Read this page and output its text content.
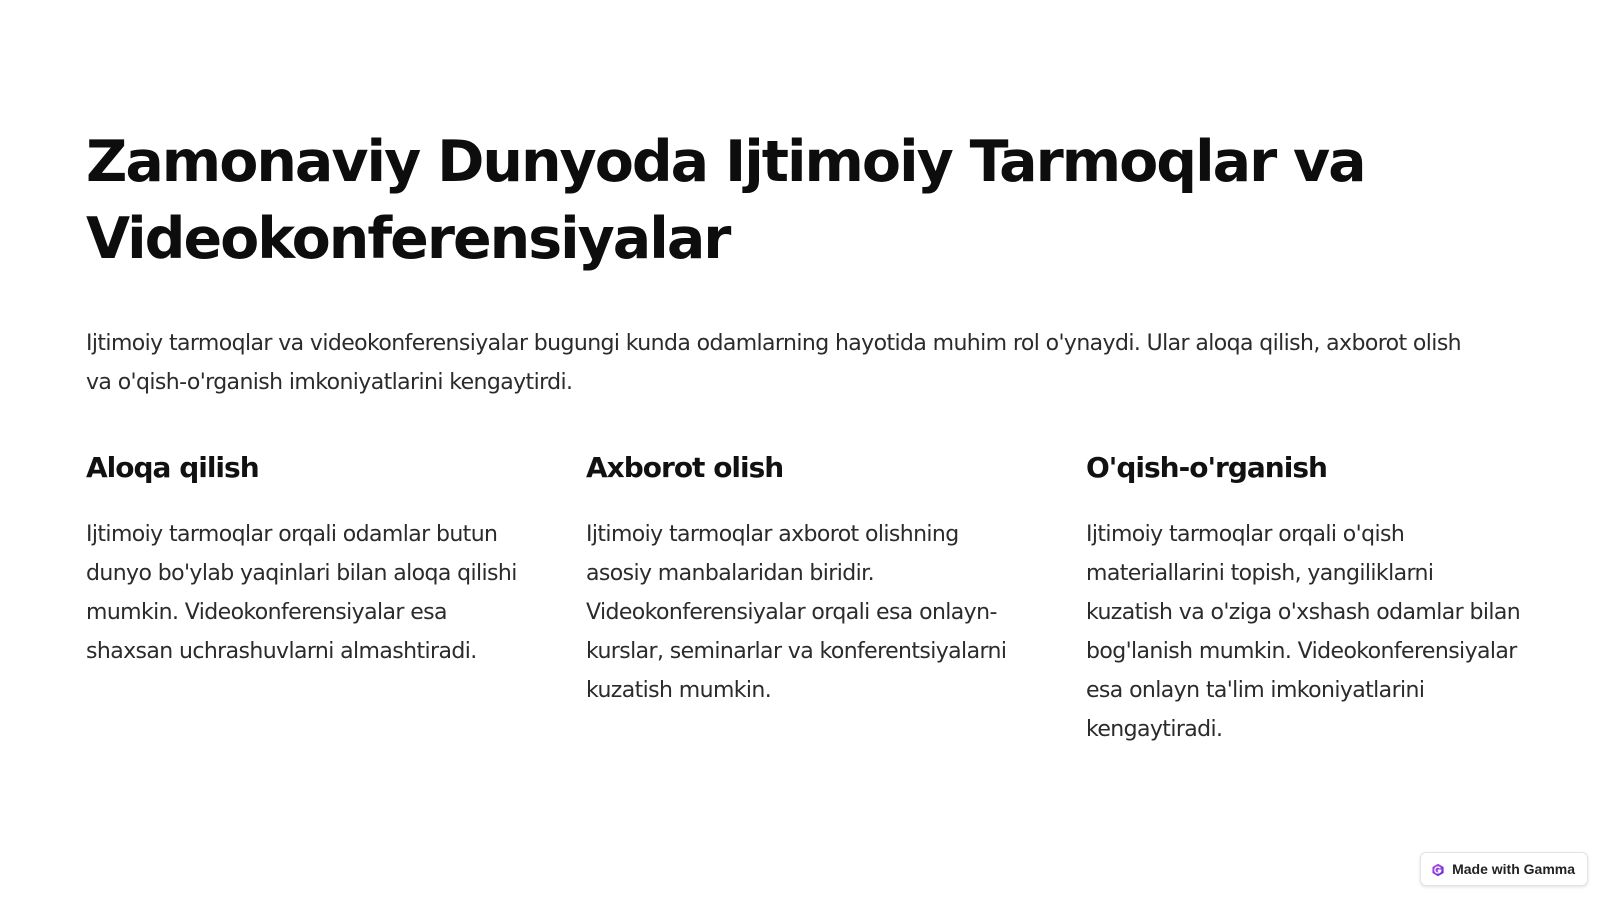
Zamonaviy Dunyoda Ijtimoiy Tarmoqlar va Videokonferensiyalar

Ijtimoiy tarmoqlar va videokonferensiyalar bugungi kunda odamlarning hayotida muhim rol o'ynaydi. Ular aloqa qilish, axborot olish va o'qish-o'rganish imkoniyatlarini kengaytirdi.

Aloqa qilish

Ijtimoiy tarmoqlar orqali odamlar butun dunyo bo'ylab yaqinlari bilan aloqa qilishi mumkin. Videokonferensiyalar esa shaxsan uchrashuvlarni almashtiradi.

Axborot olish

Ijtimoiy tarmoqlar axborot olishning asosiy manbalaridan biridir. Videokonferensiyalar orqali esa onlayn-kurslar, seminarlar va konferentsiyalarni kuzatish mumkin.

O'qish-o'rganish

Ijtimoiy tarmoqlar orqali o'qish materiallarini topish, yangiliklarni kuzatish va o'ziga o'xshash odamlar bilan bog'lanish mumkin. Videokonferensiyalar esa onlayn ta'lim imkoniyatlarini kengaytiradi.

Made with Gamma
